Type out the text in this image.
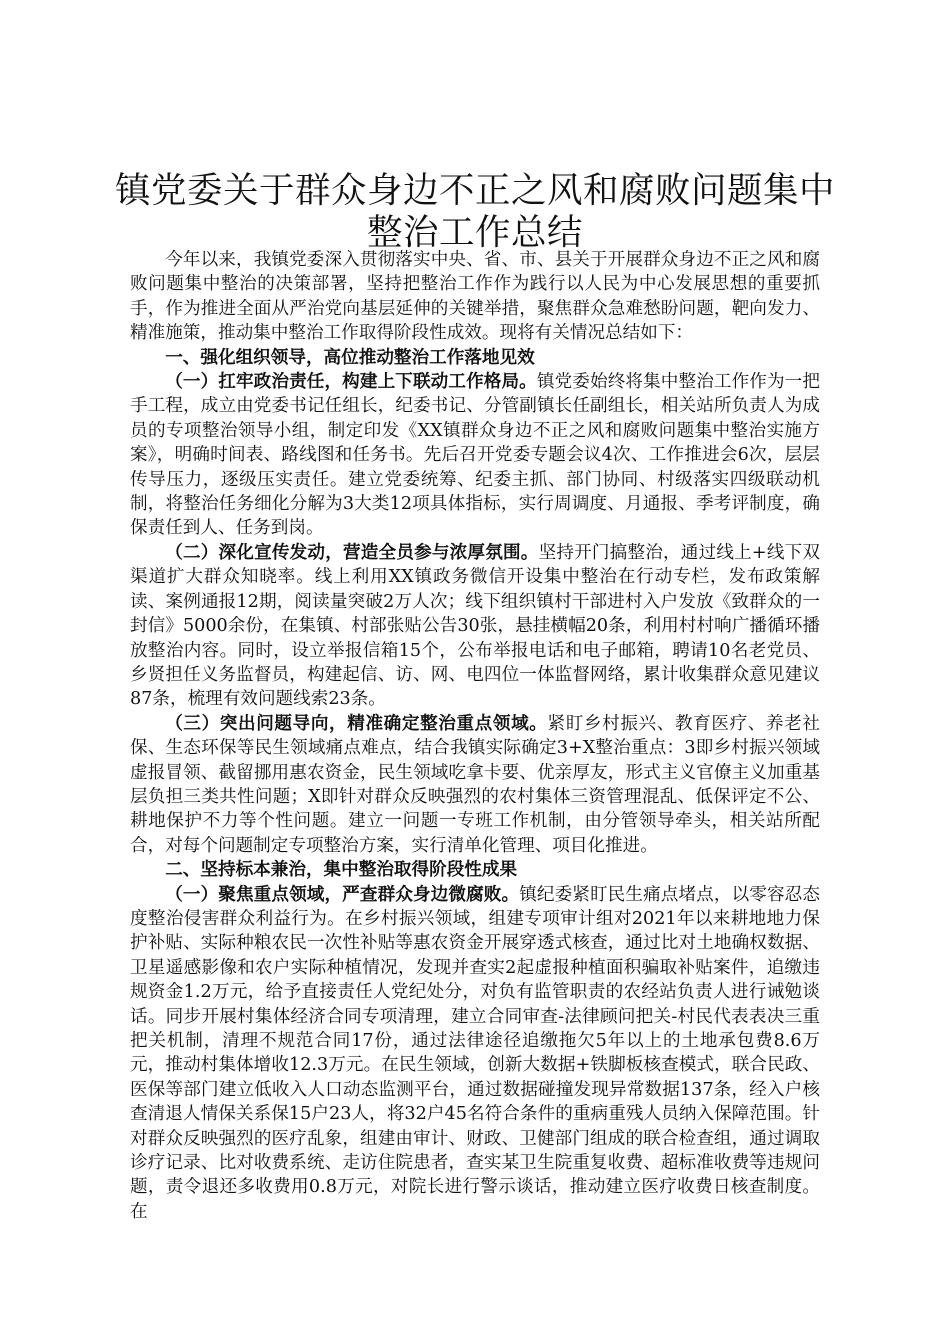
镇党委关于群众身边不正之风和腐败问题集中整治工作总结

今年以来，我镇党委深入贯彻落实中央、省、市、县关于开展群众身边不正之风和腐败问题集中整治的决策部署，坚持把整治工作作为践行以人民为中心发展思想的重要抓手，作为推进全面从严治党向基层延伸的关键举措，聚焦群众急难愁盼问题，靶向发力、精准施策，推动集中整治工作取得阶段性成效。现将有关情况总结如下：

一、强化组织领导，高位推动整治工作落地见效

（一）扛牢政治责任，构建上下联动工作格局。镇党委始终将集中整治工作作为一把手工程，成立由党委书记任组长，纪委书记、分管副镇长任副组长，相关站所负责人为成员的专项整治领导小组，制定印发《XX镇群众身边不正之风和腐败问题集中整治实施方案》，明确时间表、路线图和任务书。先后召开党委专题会议4次、工作推进会6次，层层传导压力，逐级压实责任。建立党委统筹、纪委主抓、部门协同、村级落实四级联动机制，将整治任务细化分解为3大类12项具体指标，实行周调度、月通报、季考评制度，确保责任到人、任务到岗。

（二）深化宣传发动，营造全员参与浓厚氛围。坚持开门搞整治，通过线上+线下双渠道扩大群众知晓率。线上利用XX镇政务微信开设集中整治在行动专栏，发布政策解读、案例通报12期，阅读量突破2万人次；线下组织镇村干部进村入户发放《致群众的一封信》5000余份，在集镇、村部张贴公告30张，悬挂横幅20条，利用村村响广播循环播放整治内容。同时，设立举报信箱15个，公布举报电话和电子邮箱，聘请10名老党员、乡贤担任义务监督员，构建起信、访、网、电四位一体监督网络，累计收集群众意见建议87条，梳理有效问题线索23条。

（三）突出问题导向，精准确定整治重点领域。紧盯乡村振兴、教育医疗、养老社保、生态环保等民生领域痛点难点，结合我镇实际确定3+X整治重点：3即乡村振兴领域虚报冒领、截留挪用惠农资金，民生领域吃拿卡要、优亲厚友，形式主义官僚主义加重基层负担三类共性问题；X即针对群众反映强烈的农村集体三资管理混乱、低保评定不公、耕地保护不力等个性问题。建立一问题一专班工作机制，由分管领导牵头，相关站所配合，对每个问题制定专项整治方案，实行清单化管理、项目化推进。

二、坚持标本兼治，集中整治取得阶段性成果

（一）聚焦重点领域，严查群众身边微腐败。镇纪委紧盯民生痛点堵点，以零容忍态度整治侵害群众利益行为。在乡村振兴领域，组建专项审计组对2021年以来耕地地力保护补贴、实际种粮农民一次性补贴等惠农资金开展穿透式核查，通过比对土地确权数据、卫星遥感影像和农户实际种植情况，发现并查实2起虚报种植面积骗取补贴案件，追缴违规资金1.2万元，给予直接责任人党纪处分，对负有监管职责的农经站负责人进行诫勉谈话。同步开展村集体经济合同专项清理，建立合同审查-法律顾问把关-村民代表表决三重把关机制，清理不规范合同17份，通过法律途径追缴拖欠5年以上的土地承包费8.6万元，推动村集体增收12.3万元。在民生领域，创新大数据+铁脚板核查模式，联合民政、医保等部门建立低收入人口动态监测平台，通过数据碰撞发现异常数据137条，经入户核查清退人情保关系保15户23人，将32户45名符合条件的重病重残人员纳入保障范围。针对群众反映强烈的医疗乱象，组建由审计、财政、卫健部门组成的联合检查组，通过调取诊疗记录、比对收费系统、走访住院患者，查实某卫生院重复收费、超标准收费等违规问题，责令退还多收费用0.8万元，对院长进行警示谈话，推动建立医疗收费日核查制度。在
